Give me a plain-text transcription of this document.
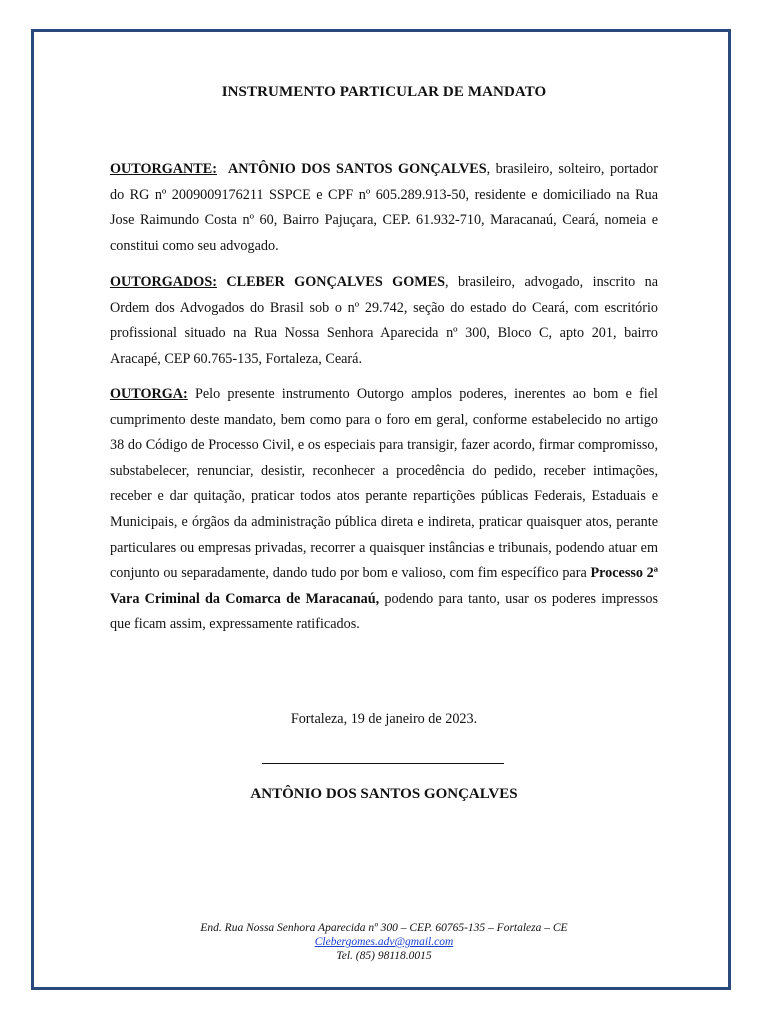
INSTRUMENTO PARTICULAR DE MANDATO

OUTORGANTE: ANTÔNIO DOS SANTOS GONÇALVES, brasileiro, solteiro, portador do RG nº 2009009176211 SSPCE e CPF nº 605.289.913-50, residente e domiciliado na Rua Jose Raimundo Costa nº 60, Bairro Pajuçara, CEP. 61.932-710, Maracanaú, Ceará, nomeia e constitui como seu advogado.

OUTORGADOS: CLEBER GONÇALVES GOMES, brasileiro, advogado, inscrito na Ordem dos Advogados do Brasil sob o nº 29.742, seção do estado do Ceará, com escritório profissional situado na Rua Nossa Senhora Aparecida nº 300, Bloco C, apto 201, bairro Aracapé, CEP 60.765-135, Fortaleza, Ceará.

OUTORGA: Pelo presente instrumento Outorgo amplos poderes, inerentes ao bom e fiel cumprimento deste mandato, bem como para o foro em geral, conforme estabelecido no artigo 38 do Código de Processo Civil, e os especiais para transigir, fazer acordo, firmar compromisso, substabelecer, renunciar, desistir, reconhecer a procedência do pedido, receber intimações, receber e dar quitação, praticar todos atos perante repartições públicas Federais, Estaduais e Municipais, e órgãos da administração pública direta e indireta, praticar quaisquer atos, perante particulares ou empresas privadas, recorrer a quaisquer instâncias e tribunais, podendo atuar em conjunto ou separadamente, dando tudo por bom e valioso, com fim específico para Processo 2ª Vara Criminal da Comarca de Maracanaú, podendo para tanto, usar os poderes impressos que ficam assim, expressamente ratificados.

Fortaleza, 19 de janeiro de 2023.
ANTÔNIO DOS SANTOS GONÇALVES
End. Rua Nossa Senhora Aparecida nº 300 – CEP. 60765-135 – Fortaleza – CE
Clebergomes.adv@gmail.com
Tel. (85) 98118.0015
